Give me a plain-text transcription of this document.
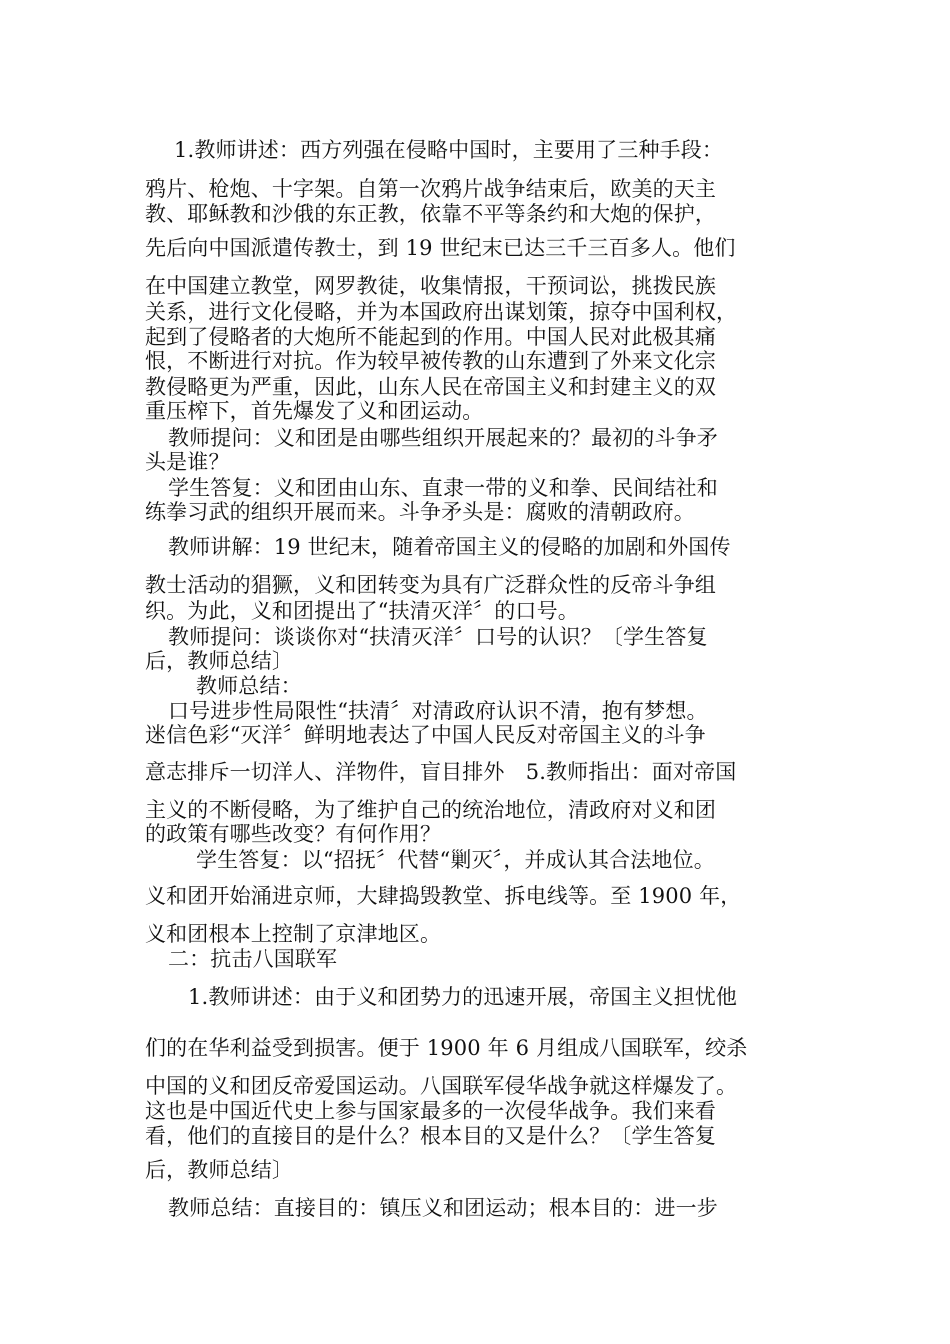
1.教师讲述：西方列强在侵略中国时，主要用了三种手段：
鸦片、枪炮、十字架。自第一次鸦片战争结束后，欧美的天主
教、耶稣教和沙俄的东正教，依靠不平等条约和大炮的保护，
先后向中国派遣传教士，到 19 世纪末已达三千三百多人。他们
在中国建立教堂，网罗教徒，收集情报，干预词讼，挑拨民族
关系，进行文化侵略，并为本国政府出谋划策，掠夺中国利权，
起到了侵略者的大炮所不能起到的作用。中国人民对此极其痛
恨，不断进行对抗。作为较早被传教的山东遭到了外来文化宗
教侵略更为严重，因此，山东人民在帝国主义和封建主义的双
重压榨下，首先爆发了义和团运动。
教师提问：义和团是由哪些组织开展起来的？最初的斗争矛
头是谁？
学生答复：义和团由山东、直隶一带的义和拳、民间结社和
练拳习武的组织开展而来。斗争矛头是：腐败的清朝政府。
教师讲解：19 世纪末，随着帝国主义的侵略的加剧和外国传
教士活动的猖獗，义和团转变为具有广泛群众性的反帝斗争组
织。为此，义和团提出了“扶清灭洋〞的口号。
教师提问：谈谈你对“扶清灭洋〞口号的认识？〔学生答复
后，教师总结〕
教师总结：
口号进步性局限性“扶清〞对清政府认识不清，抱有梦想。
迷信色彩“灭洋〞鲜明地表达了中国人民反对帝国主义的斗争
意志排斥一切洋人、洋物件，盲目排外　5.教师指出：面对帝国
主义的不断侵略，为了维护自己的统治地位，清政府对义和团
的政策有哪些改变？有何作用？
学生答复：以“招抚〞代替“剿灭〞，并成认其合法地位。
义和团开始涌进京师，大肆捣毁教堂、拆电线等。至 1900 年，
义和团根本上控制了京津地区。
二：抗击八国联军
1.教师讲述：由于义和团势力的迅速开展，帝国主义担忧他
们的在华利益受到损害。便于 1900 年 6 月组成八国联军，绞杀
中国的义和团反帝爱国运动。八国联军侵华战争就这样爆发了。
这也是中国近代史上参与国家最多的一次侵华战争。我们来看
看，他们的直接目的是什么？根本目的又是什么？〔学生答复
后，教师总结〕
教师总结：直接目的：镇压义和团运动；根本目的：进一步
